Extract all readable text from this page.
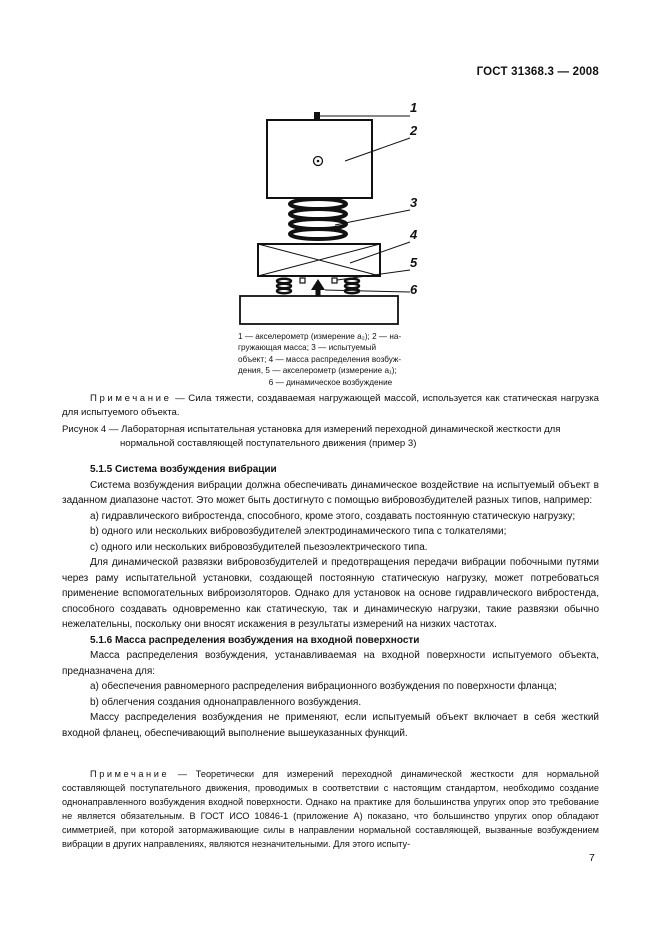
ГОСТ 31368.3 — 2008
1
2
3
4
5
6
1 — акселерометр (измерение a₂); 2 — на-
гружающая масса; 3 — испытуемый
объект; 4 — масса распределения возбуж-
дения, 5 — акселерометр (измерение a₁);
6 — динамическое возбуждение
Примечание — Сила тяжести, создаваемая нагружающей массой, используется как статическая нагрузка для испытуемого объекта.
Рисунок 4 — Лабораторная испытательная установка для измерений переходной динамической жесткости для
нормальной составляющей поступательного движения (пример 3)
5.1.5 Система возбуждения вибрации

Система возбуждения вибрации должна обеспечивать динамическое воздействие на испытуемый объект в заданном диапазоне частот. Это может быть достигнуто с помощью вибровозбудителей разных типов, например:

a) гидравлического вибростенда, способного, кроме этого, создавать постоянную статическую нагрузку;

b) одного или нескольких вибровозбудителей электродинамического типа с толкателями;

c) одного или нескольких вибровозбудителей пьезоэлектрического типа.

Для динамической развязки вибровозбудителей и предотвращения передачи вибрации побочными путями через раму испытательной установки, создающей постоянную статическую нагрузку, может потребоваться применение вспомогательных виброизоляторов. Однако для установок на основе гидравлического вибростенда, способного создавать одновременно как статическую, так и динамическую нагрузки, такие развязки обычно нежелательны, поскольку они вносят искажения в результаты измерений на низких частотах.

5.1.6 Масса распределения возбуждения на входной поверхности

Масса распределения возбуждения, устанавливаемая на входной поверхности испытуемого объекта, предназначена для:

a) обеспечения равномерного распределения вибрационного возбуждения по поверхности фланца;

b) облегчения создания однонаправленного возбуждения.

Массу распределения возбуждения не применяют, если испытуемый объект включает в себя жесткий входной фланец, обеспечивающий выполнение вышеуказанных функций.

Примечание — Теоретически для измерений переходной динамической жесткости для нормальной составляющей поступательного движения, проводимых в соответствии с настоящим стандартом, необходимо создание однонаправленного возбуждения входной поверхности. Однако на практике для большинства упругих опор это требование не является обязательным. В ГОСТ ИСО 10846-1 (приложение А) показано, что большинство упругих опор обладают симметрией, при которой затормаживающие силы в направлении нормальной составляющей, вызванные возбуждением вибрации в других направлениях, являются незначительными. Для этого испыту-
7
